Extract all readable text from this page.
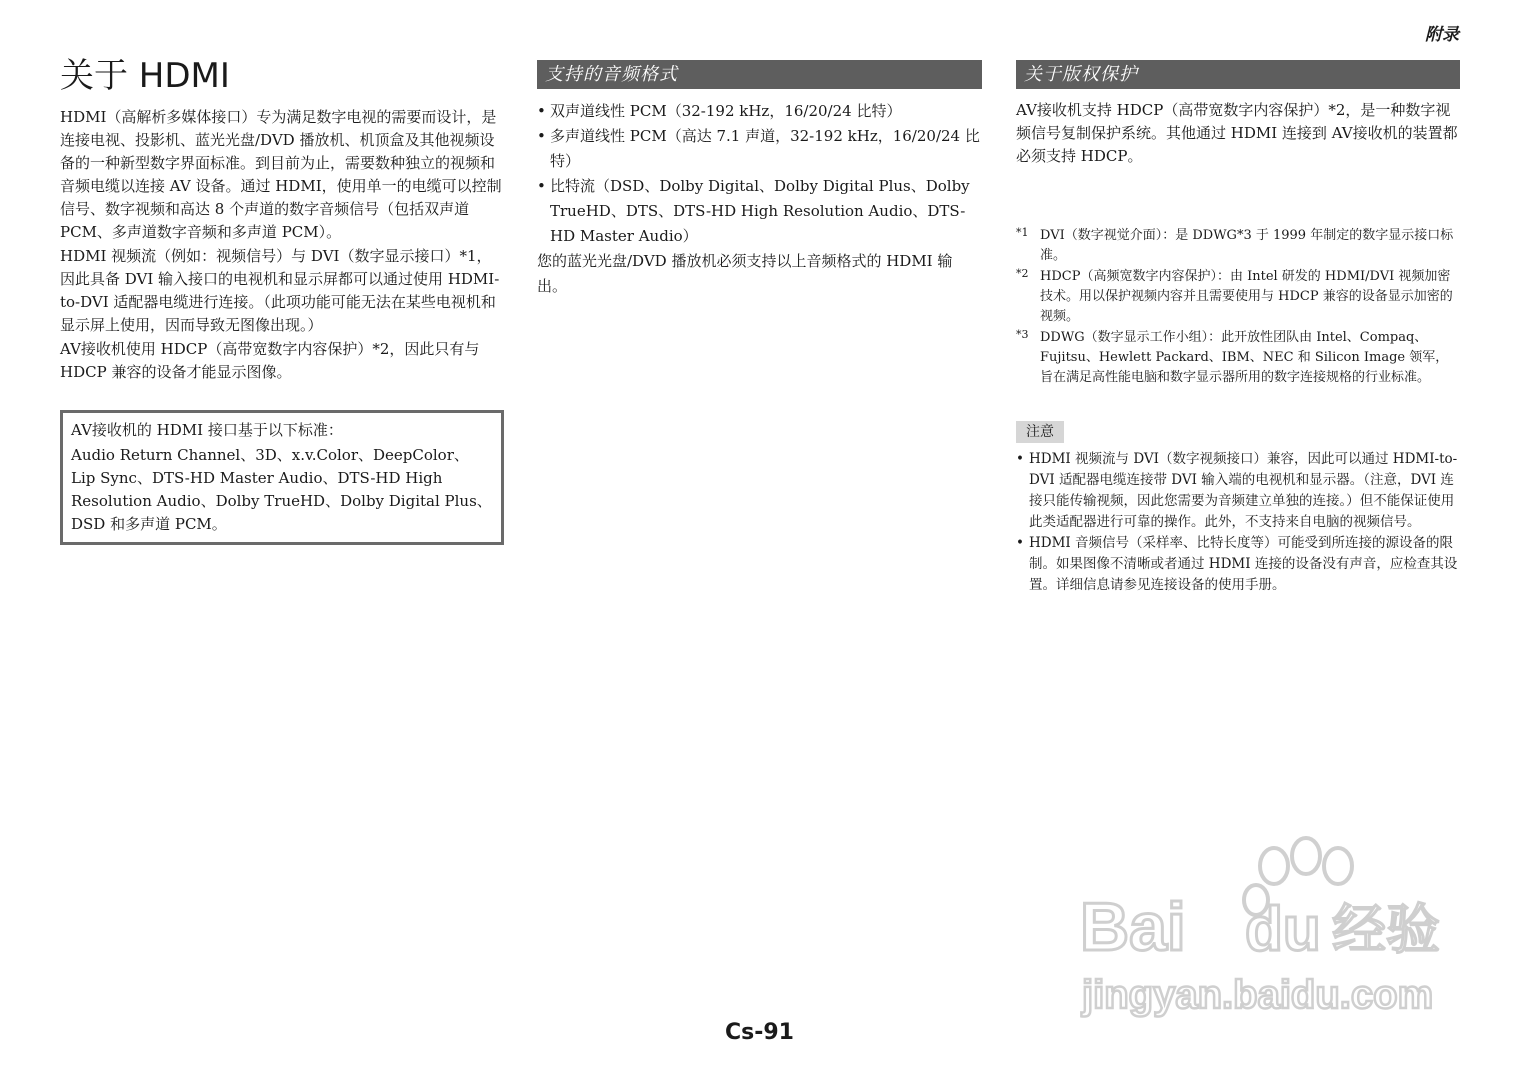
附录
关于 HDMI

HDMI（高解析多媒体接口）专为满足数字电视的需要而设计，是连接电视、投影机、蓝光光盘/DVD 播放机、机顶盒及其他视频设备的一种新型数字界面标准。到目前为止，需要数种独立的视频和音频电缆以连接 AV 设备。通过 HDMI，使用单一的电缆可以控制信号、数字视频和高达 8 个声道的数字音频信号（包括双声道 PCM、多声道数字音频和多声道 PCM）。

HDMI 视频流（例如：视频信号）与 DVI（数字显示接口）*1，因此具备 DVI 输入接口的电视机和显示屏都可以通过使用 HDMI-to-DVI 适配器电缆进行连接。（此项功能可能无法在某些电视机和显示屏上使用，因而导致无图像出现。）

AV接收机使用 HDCP（高带宽数字内容保护）*2，因此只有与 HDCP 兼容的设备才能显示图像。

AV接收机的 HDMI 接口基于以下标准：

Audio Return Channel、3D、x.v.Color、DeepColor、Lip Sync、DTS-HD Master Audio、DTS-HD High Resolution Audio、Dolby TrueHD、Dolby Digital Plus、DSD 和多声道 PCM。
支持的音频格式
• 双声道线性 PCM（32-192 kHz，16/20/24 比特）
• 多声道线性 PCM（高达 7.1 声道，32-192 kHz，16/20/24 比特）
• 比特流（DSD、Dolby Digital、Dolby Digital Plus、Dolby TrueHD、DTS、DTS-HD High Resolution Audio、DTS-HD Master Audio）

您的蓝光光盘/DVD 播放机必须支持以上音频格式的 HDMI 输出。

关于版权保护

AV接收机支持 HDCP（高带宽数字内容保护）*2，是一种数字视频信号复制保护系统。其他通过 HDMI 连接到 AV接收机的装置都必须支持 HDCP。

*1 DVI（数字视觉介面）：是 DDWG*3 于 1999 年制定的数字显示接口标准。
*2 HDCP（高频宽数字内容保护）：由 Intel 研发的 HDMI/DVI 视频加密技术。用以保护视频内容并且需要使用与 HDCP 兼容的设备显示加密的视频。
*3 DDWG（数字显示工作小组）：此开放性团队由 Intel、Compaq、Fujitsu、Hewlett Packard、IBM、NEC 和 Silicon Image 领军，旨在满足高性能电脑和数字显示器所用的数字连接规格的行业标准。
注意
• HDMI 视频流与 DVI（数字视频接口）兼容，因此可以通过 HDMI-to-DVI 适配器电缆连接带 DVI 输入端的电视机和显示器。（注意，DVI 连接只能传输视频，因此您需要为音频建立单独的连接。）但不能保证使用此类适配器进行可靠的操作。此外，不支持来自电脑的视频信号。
• HDMI 音频信号（采样率、比特长度等）可能受到所连接的源设备的限制。如果图像不清晰或者通过 HDMI 连接的设备没有声音，应检查其设置。详细信息请参见连接设备的使用手册。
Bai du 经验
jingyan.baidu.com
Cs-91
